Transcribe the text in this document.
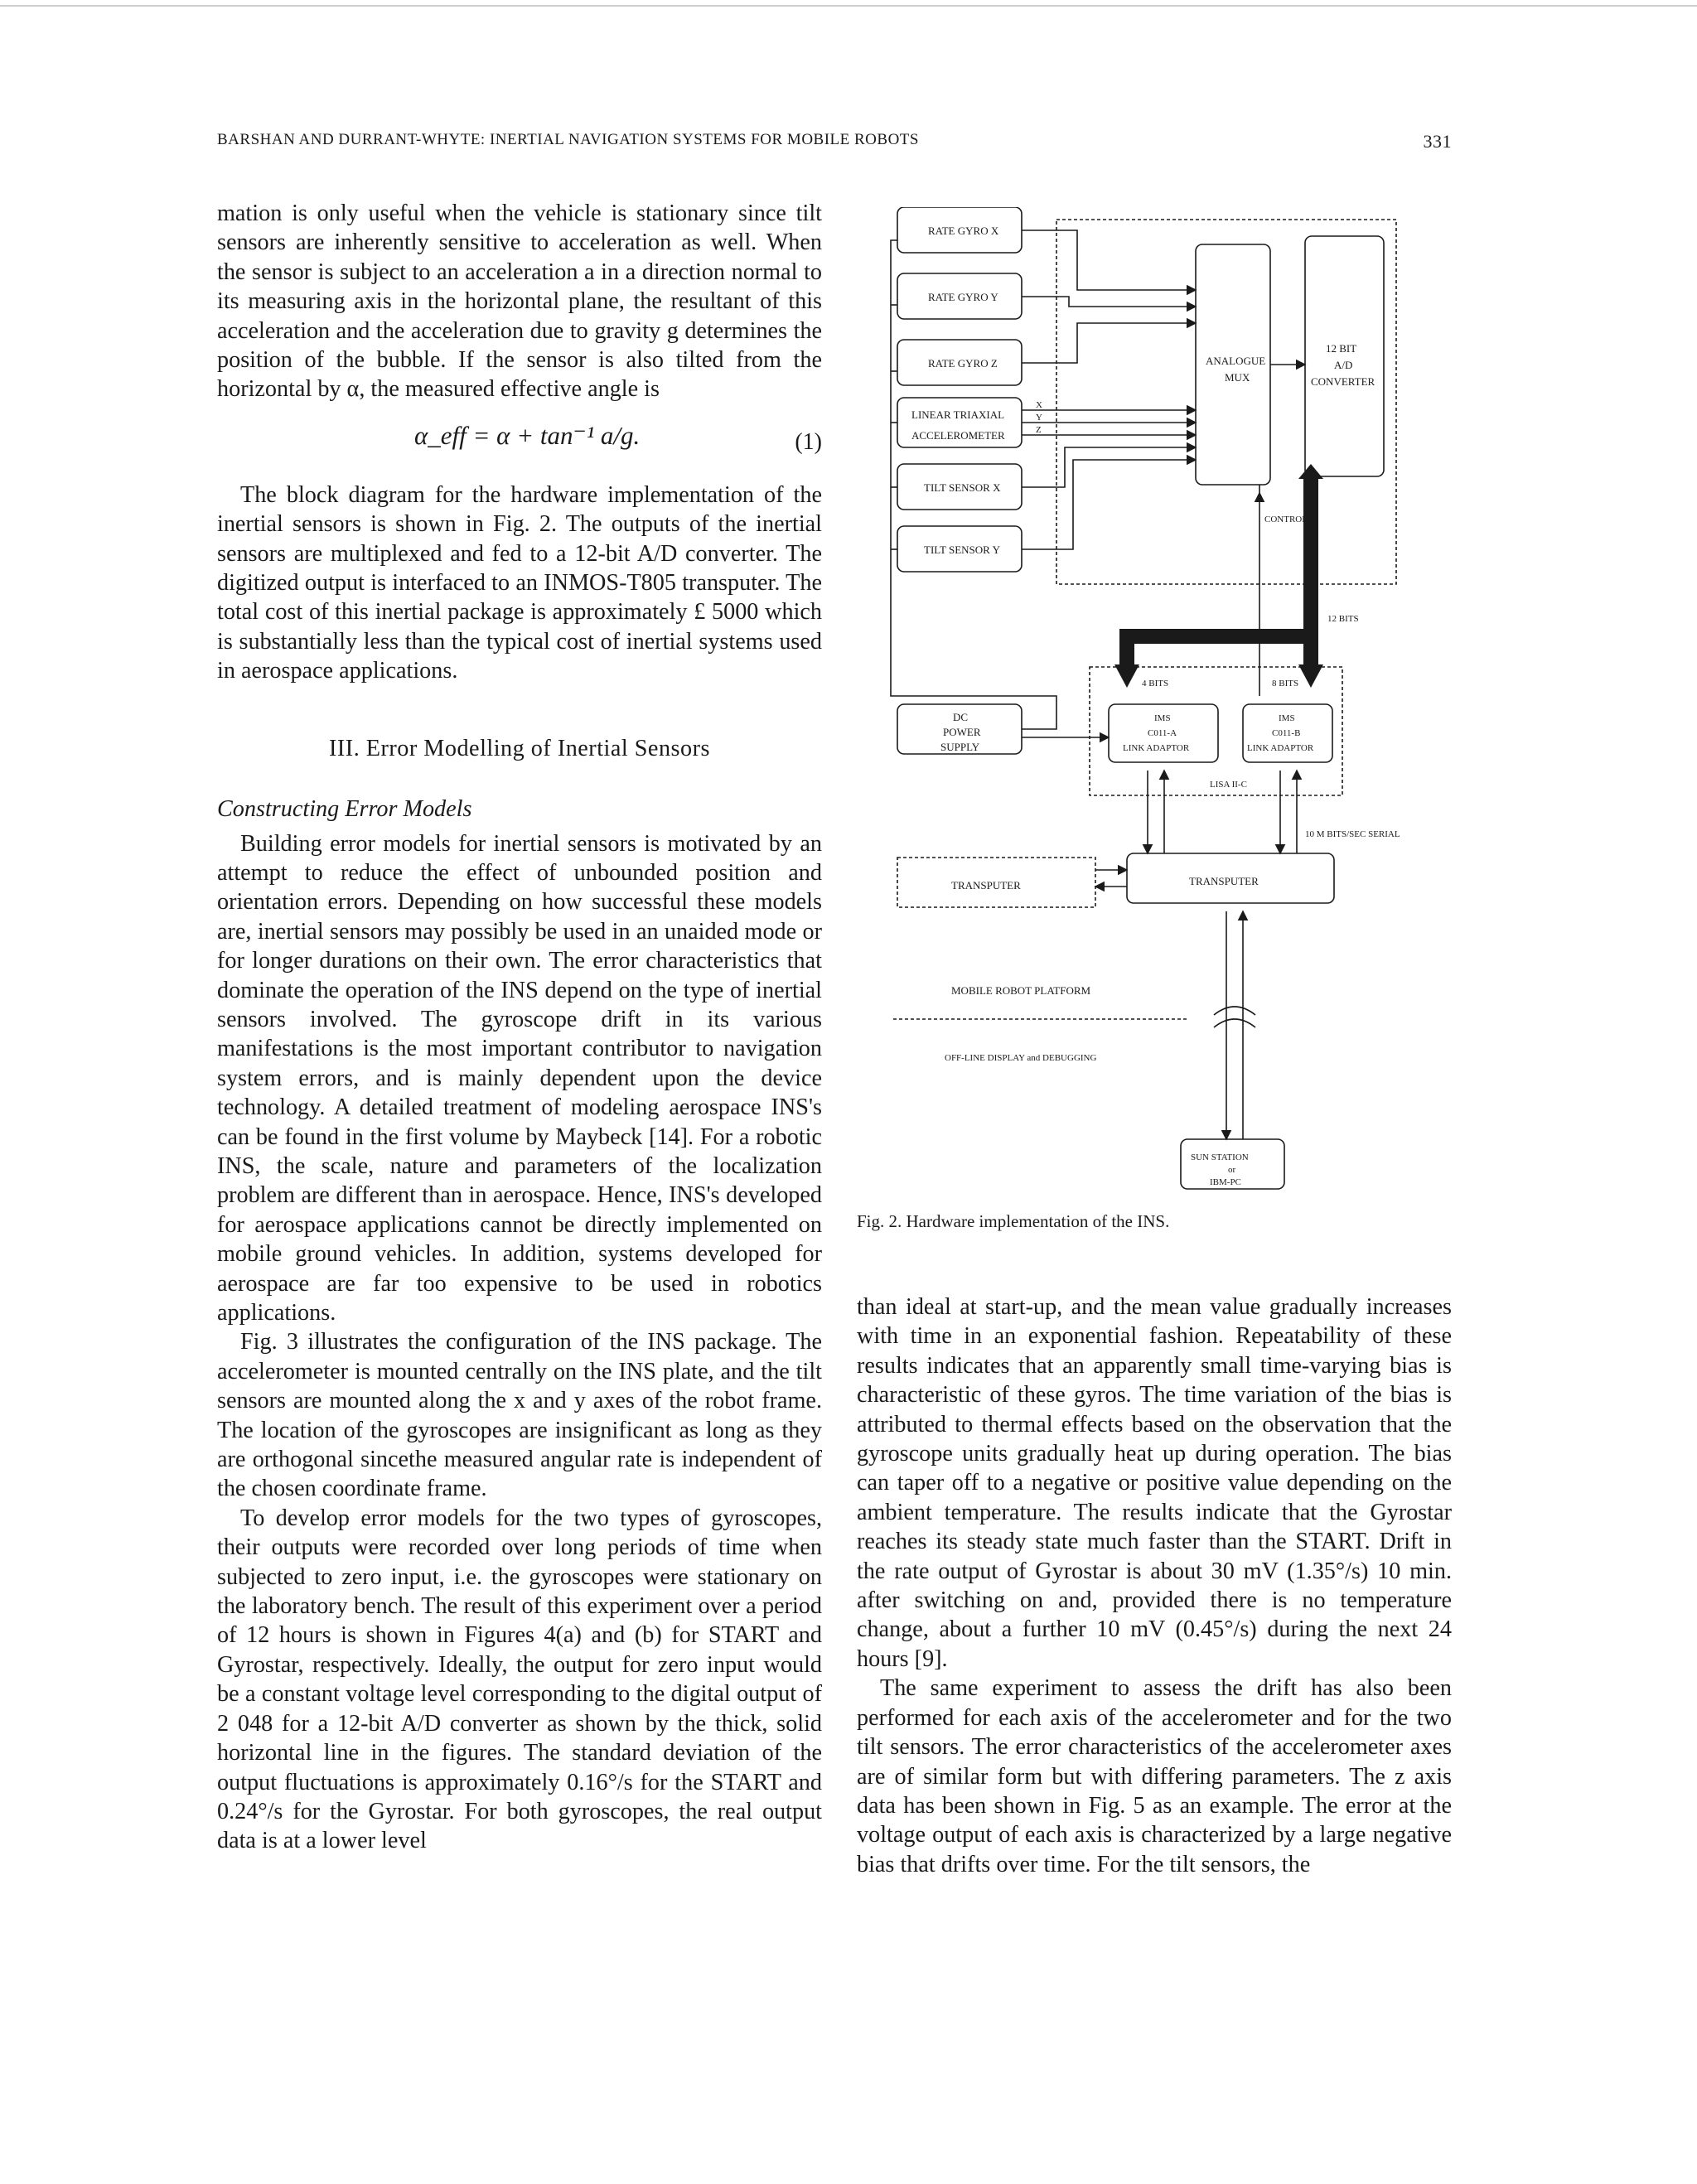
BARSHAN AND DURRANT-WHYTE: INERTIAL NAVIGATION SYSTEMS FOR MOBILE ROBOTS	331

mation is only useful when the vehicle is stationary since tilt sensors are inherently sensitive to acceleration as well. When the sensor is subject to an acceleration a in a direction normal to its measuring axis in the horizontal plane, the resultant of this acceleration and the acceleration due to gravity g determines the position of the bubble. If the sensor is also tilted from the horizontal by α, the measured effective angle is

α_eff = α + tan⁻¹ a/g.	(1)

The block diagram for the hardware implementation of the inertial sensors is shown in Fig. 2. The outputs of the inertial sensors are multiplexed and fed to a 12-bit A/D converter. The digitized output is interfaced to an INMOS-T805 transputer. The total cost of this inertial package is approximately £ 5000 which is substantially less than the typical cost of inertial systems used in aerospace applications.

III. Error Modelling of Inertial Sensors

Constructing Error Models

Building error models for inertial sensors is motivated by an attempt to reduce the effect of unbounded position and orientation errors. Depending on how successful these models are, inertial sensors may possibly be used in an unaided mode or for longer durations on their own. The error characteristics that dominate the operation of the INS depend on the type of inertial sensors involved. The gyroscope drift in its various manifestations is the most important contributor to navigation system errors, and is mainly dependent upon the device technology. A detailed treatment of modeling aerospace INS's can be found in the first volume by Maybeck [14]. For a robotic INS, the scale, nature and parameters of the localization problem are different than in aerospace. Hence, INS's developed for aerospace applications cannot be directly implemented on mobile ground vehicles. In addition, systems developed for aerospace are far too expensive to be used in robotics applications.

Fig. 3 illustrates the configuration of the INS package. The accelerometer is mounted centrally on the INS plate, and the tilt sensors are mounted along the x and y axes of the robot frame. The location of the gyroscopes are insignificant as long as they are orthogonal sincethe measured angular rate is independent of the chosen coordinate frame.

To develop error models for the two types of gyroscopes, their outputs were recorded over long periods of time when subjected to zero input, i.e. the gyroscopes were stationary on the laboratory bench. The result of this experiment over a period of 12 hours is shown in Figures 4(a) and (b) for START and Gyrostar, respectively. Ideally, the output for zero input would be a constant voltage level corresponding to the digital output of 2 048 for a 12-bit A/D converter as shown by the thick, solid horizontal line in the figures. The standard deviation of the output fluctuations is approximately 0.16°/s for the START and 0.24°/s for the Gyrostar. For both gyroscopes, the real output data is at a lower level

than ideal at start-up, and the mean value gradually increases with time in an exponential fashion. Repeatability of these results indicates that an apparently small time-varying bias is characteristic of these gyros. The time variation of the bias is attributed to thermal effects based on the observation that the gyroscope units gradually heat up during operation. The bias can taper off to a negative or positive value depending on the ambient temperature. The results indicate that the Gyrostar reaches its steady state much faster than the START. Drift in the rate output of Gyrostar is about 30 mV (1.35°/s) 10 min. after switching on and, provided there is no temperature change, about a further 10 mV (0.45°/s) during the next 24 hours [9].

The same experiment to assess the drift has also been performed for each axis of the accelerometer and for the two tilt sensors. The error characteristics of the accelerometer axes are of similar form but with differing parameters. The z axis data has been shown in Fig. 5 as an example. The error at the voltage output of each axis is characterized by a large negative bias that drifts over time. For the tilt sensors, the

RATE GYRO X
RATE GYRO Y
RATE GYRO Z
LINEAR TRIAXIAL
ACCELEROMETER
X
Y
Z
TILT SENSOR X
TILT SENSOR Y
ANALOGUE
MUX
12 BIT
A/D
CONVERTER
CONTROL
12 BITS
4 BITS	8 BITS
DC
POWER
SUPPLY
IMS
C011-A
LINK ADAPTOR
IMS
C011-B
LINK ADAPTOR
LISA II-C
10 M BITS/SEC SERIAL
TRANSPUTER	TRANSPUTER
MOBILE ROBOT PLATFORM
OFF-LINE DISPLAY and DEBUGGING
SUN STATION
or
IBM-PC
Fig. 2. Hardware implementation of the INS.
